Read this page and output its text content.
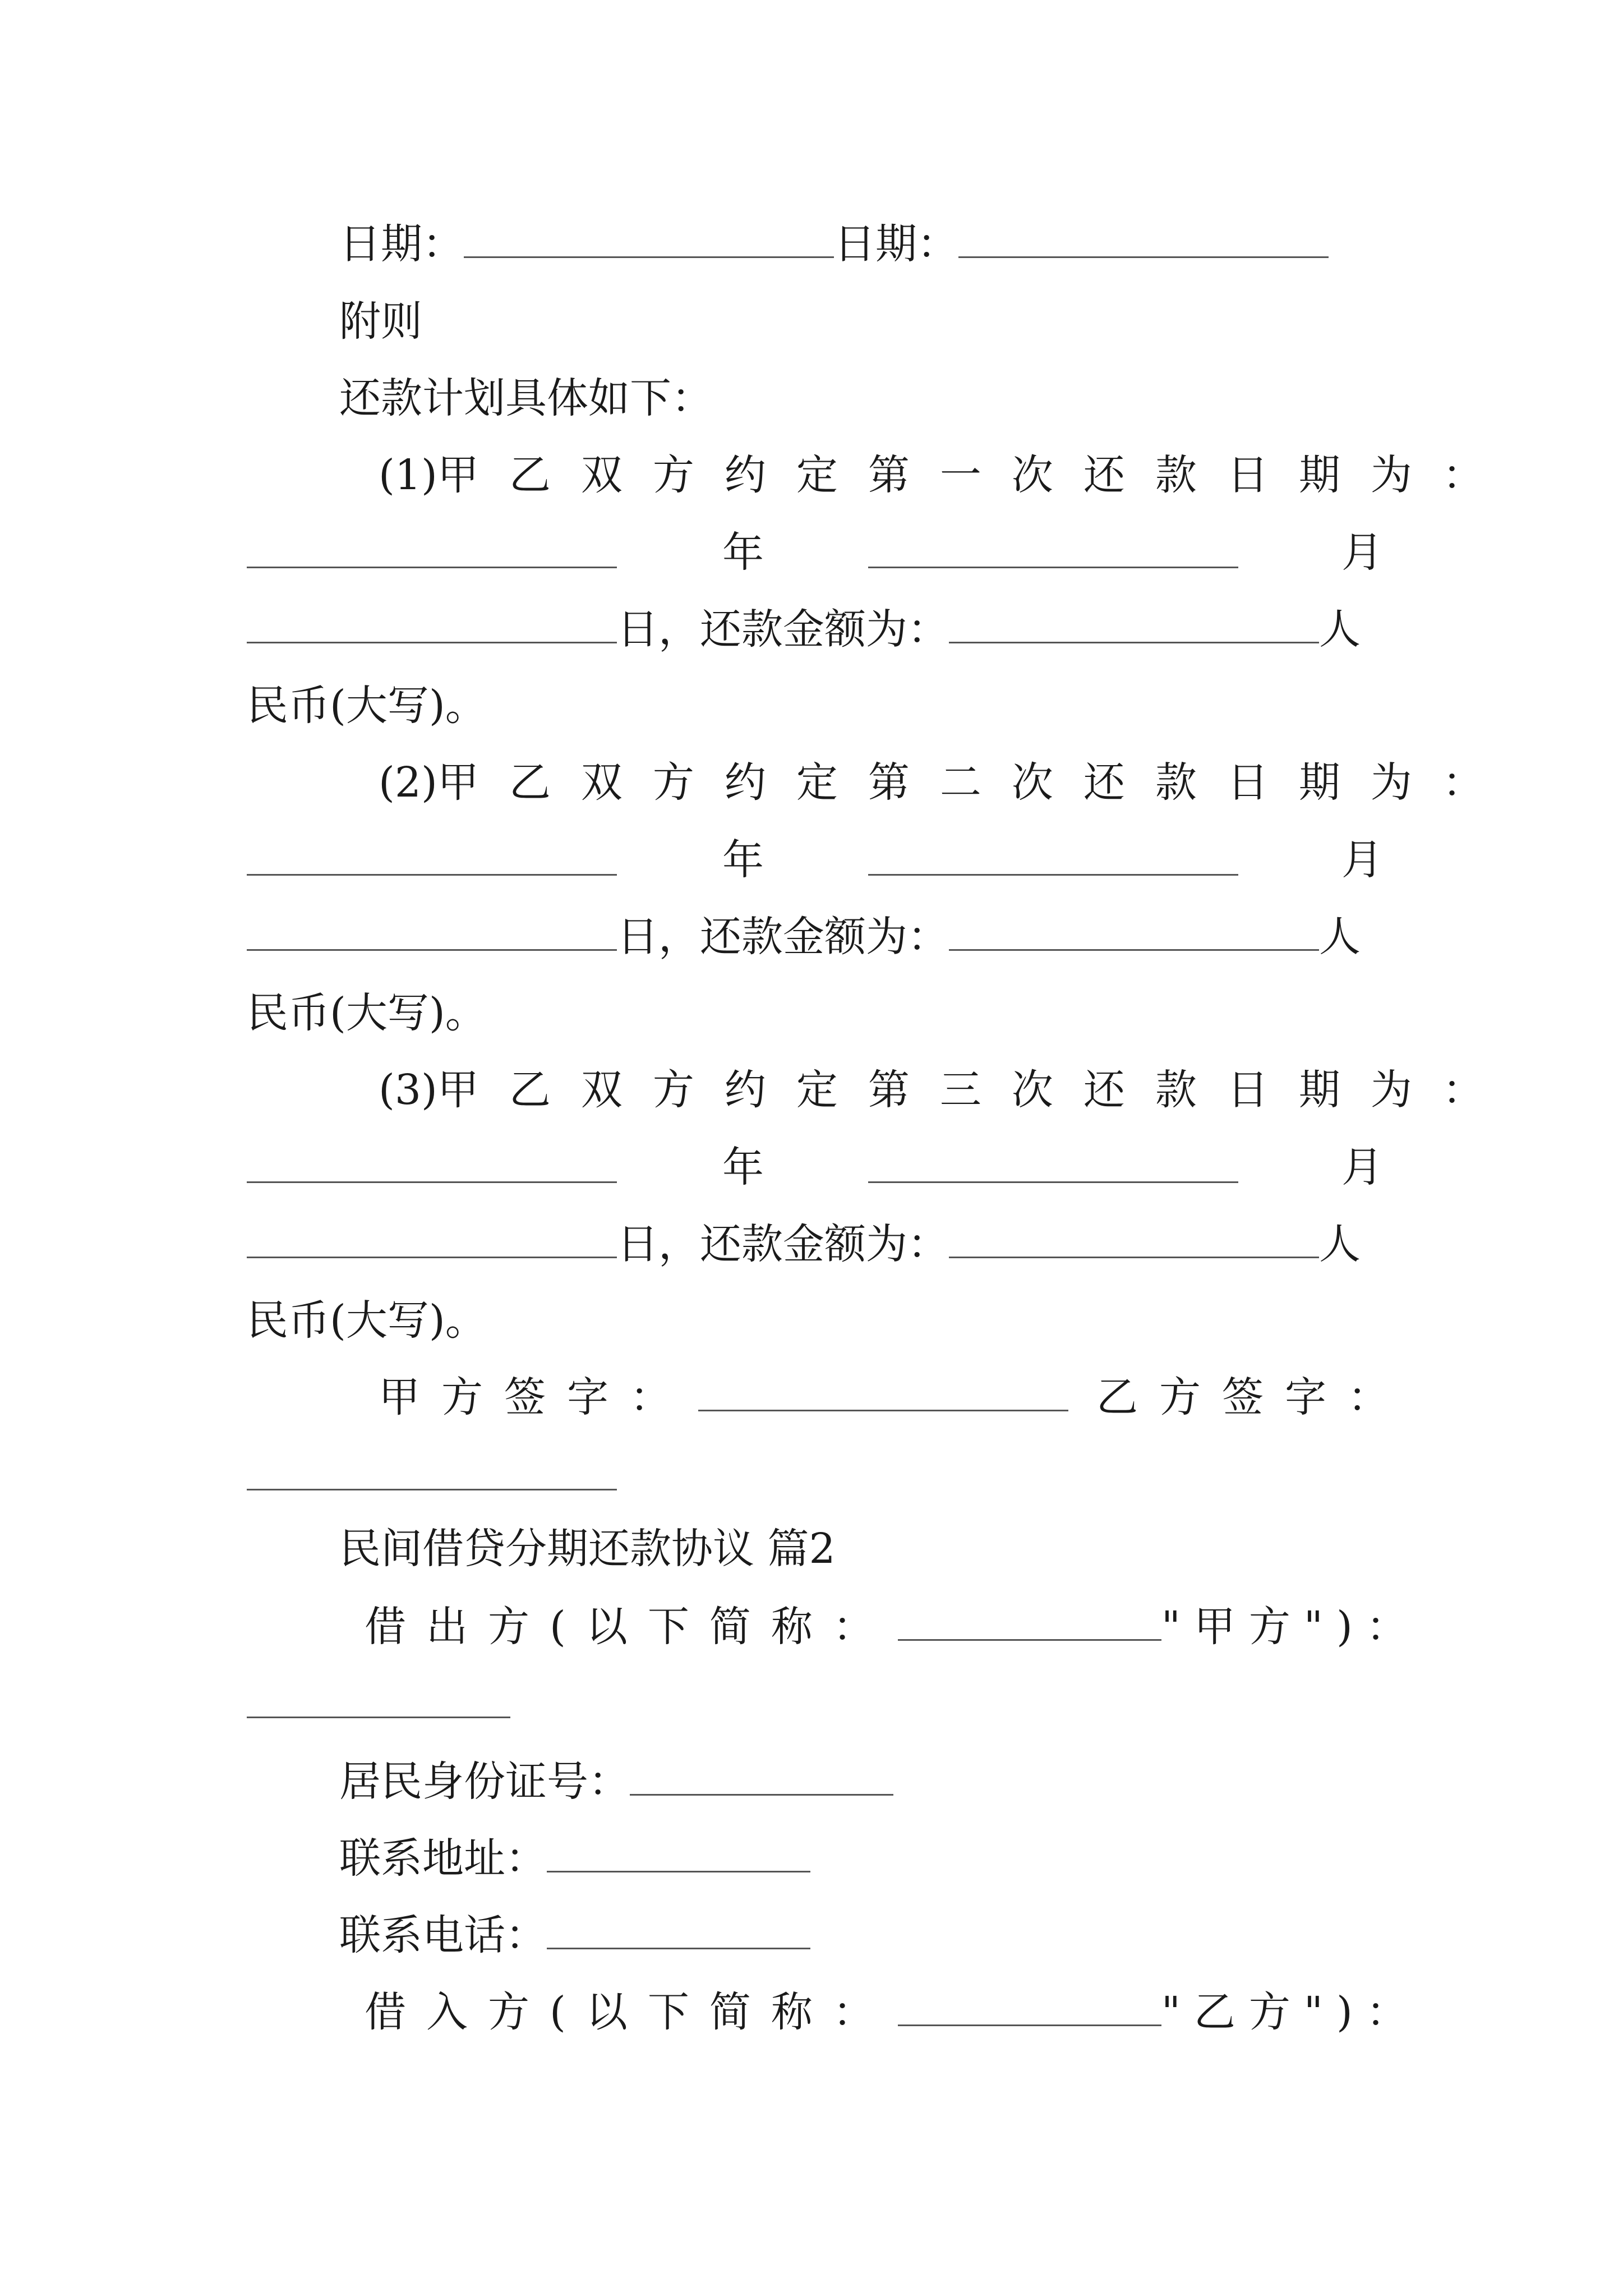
日期：	日期：
附则
还款计划具体如下：
(1) 甲乙双方约定第一次还款日期为：
年	月
日，还款金额为：	人
民币(大写)。
(2) 甲乙双方约定第二次还款日期为：
年	月
日，还款金额为：	人
民币(大写)。
(3) 甲乙双方约定第三次还款日期为：
年	月
日，还款金额为：	人
民币(大写)。
甲方签字：	乙方签字：
民间借贷分期还款协议 篇2
借出方(以下简称：	"甲方")：
居民身份证号：
联系地址：
联系电话：
借入方(以下简称：	"乙方")：
